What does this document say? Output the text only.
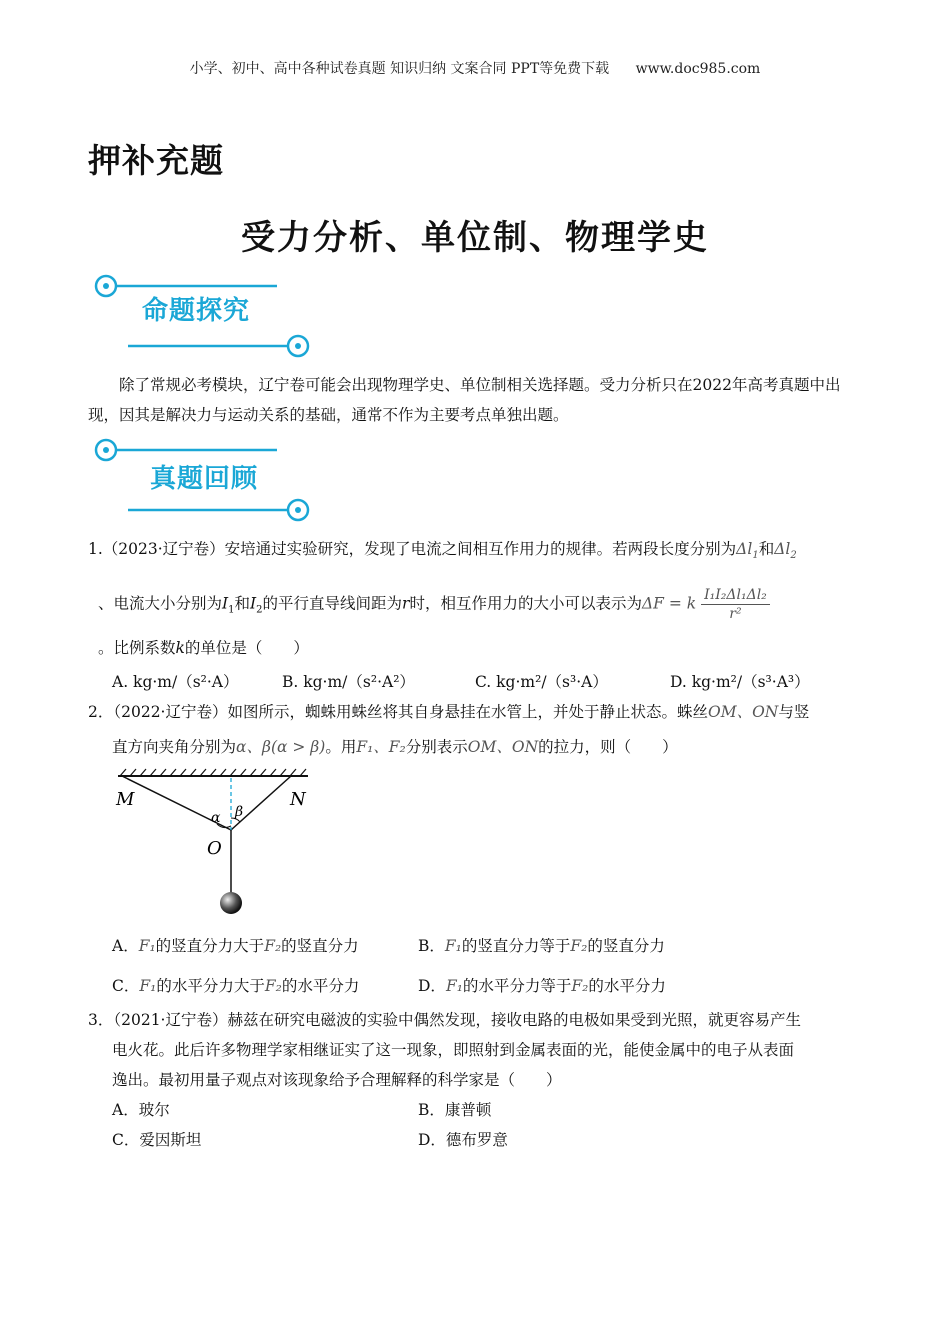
小学、初中、高中各种试卷真题 知识归纳 文案合同 PPT等免费下载 www.doc985.com
押补充题
受力分析、单位制、物理学史
命题探究
除了常规必考模块，辽宁卷可能会出现物理学史、单位制相关选择题。受力分析只在2022年高考真题中出现，因其是解决力与运动关系的基础，通常不作为主要考点单独出题。
真题回顾
1.（2023·辽宁卷）安培通过实验研究，发现了电流之间相互作用力的规律。若两段长度分别为$\Delta l_1$和$\Delta l_2$
、电流大小分别为$I_1$和$I_2$的平行直导线间距为r时，相互作用力的大小可以表示为ΔF = k $\frac{\text{I₁I₂Δl₁Δl₂}}{\text{r²}}$
。比例系数k的单位是（　　）
A. kg·m/（s²·A）	B. kg·m/（s²·A²）	C. kg·m²/（s³·A）	D. kg·m²/（s³·A³）
2．（2022·辽宁卷）如图所示，蜘蛛用蛛丝将其自身悬挂在水管上，并处于静止状态。蛛丝OM、ON与竖
直方向夹角分别为α、β(α > β)。用F₁、F₂分别表示OM、ON的拉力，则（　　）
M	N
O
α β
A．F₁的竖直分力大于F₂的竖直分力	B．F₁的竖直分力等于F₂的竖直分力
C．F₁的水平分力大于F₂的水平分力	D．F₁的水平分力等于F₂的水平分力
3．（2021·辽宁卷）赫兹在研究电磁波的实验中偶然发现，接收电路的电极如果受到光照，就更容易产生
电火花。此后许多物理学家相继证实了这一现象，即照射到金属表面的光，能使金属中的电子从表面
逸出。最初用量子观点对该现象给予合理解释的科学家是（　　）
A．玻尔	B．康普顿
C．爱因斯坦	D．德布罗意
